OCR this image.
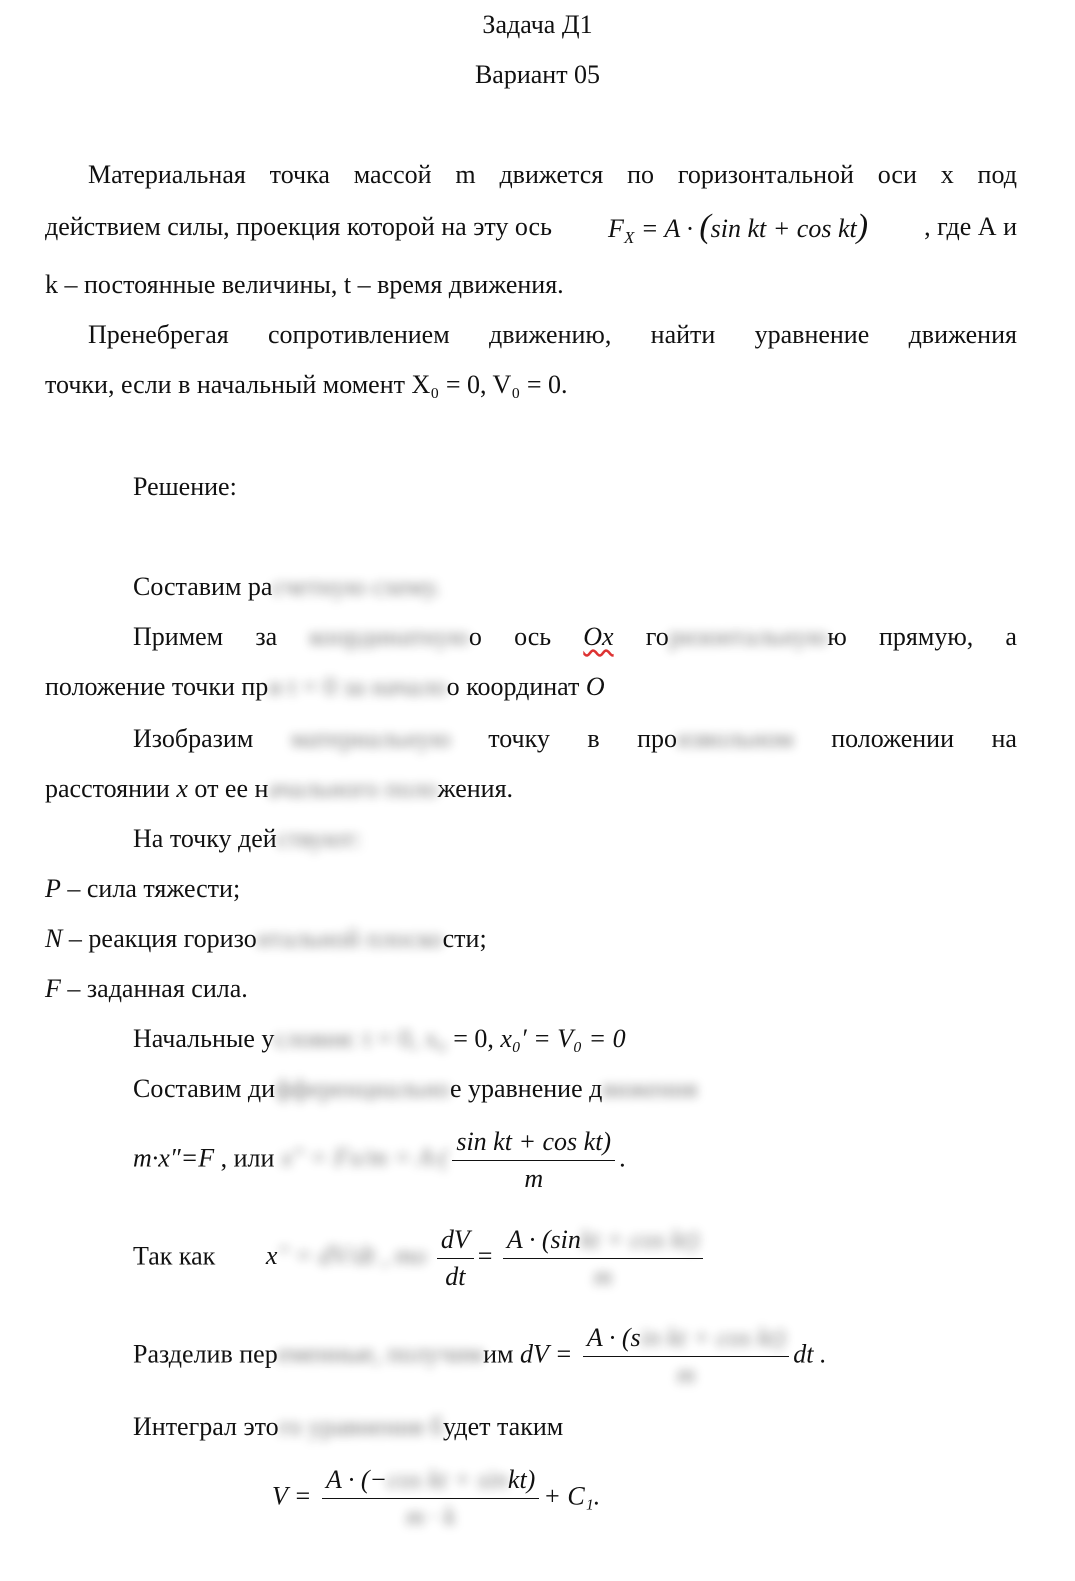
Задача Д1
Вариант 05
Материальная точка массой m движется по горизонтальной оси x под
действием силы, проекция которой на эту ось $F_X = A \cdot (\sin$ kt + cos kt) , где А и
k – постоянные величины, t – время движения.
Пренебрегая сопротивлением движению, найти уравнение движения
точки, если в начальный момент X₀ = 0, V₀ = 0.
Решение:
Составим расчетную схему.
Примем за координатнуюо ось Ox горизонтальнуюю прямую, а
положение точки при t = 0 за началоо координат O
Изобразим материальную точку в произвольном положении на
расстоянии x от ее начального положения.
На точку действуют:
P – сила тяжести;
N – реакция горизонтальной плоскости;
F – заданная сила.
Начальные условия: t = 0, x₀ = 0, x₀′ = V₀ = 0
Составим дифференциальное уравнение движения
m·x″=F , или $x'' = Fx/m = A\cdot( \frac{\text{sin kt + cos kt)}}{m}$ .
Так как x″ = dV/dt , то $\frac{dV}{dt} = \frac{\text{A · (sinkt + cos kt)}}{m}$
Разделив переменные, получимим dV = $\frac{\text{A · (sin kt + cos kt)}}{m}$ dt .
Интеграл этого уравнения будет таким
$V = \frac{\text{A · (−cos kt + sinkt)}}{m \cdot k} + C_1$.
